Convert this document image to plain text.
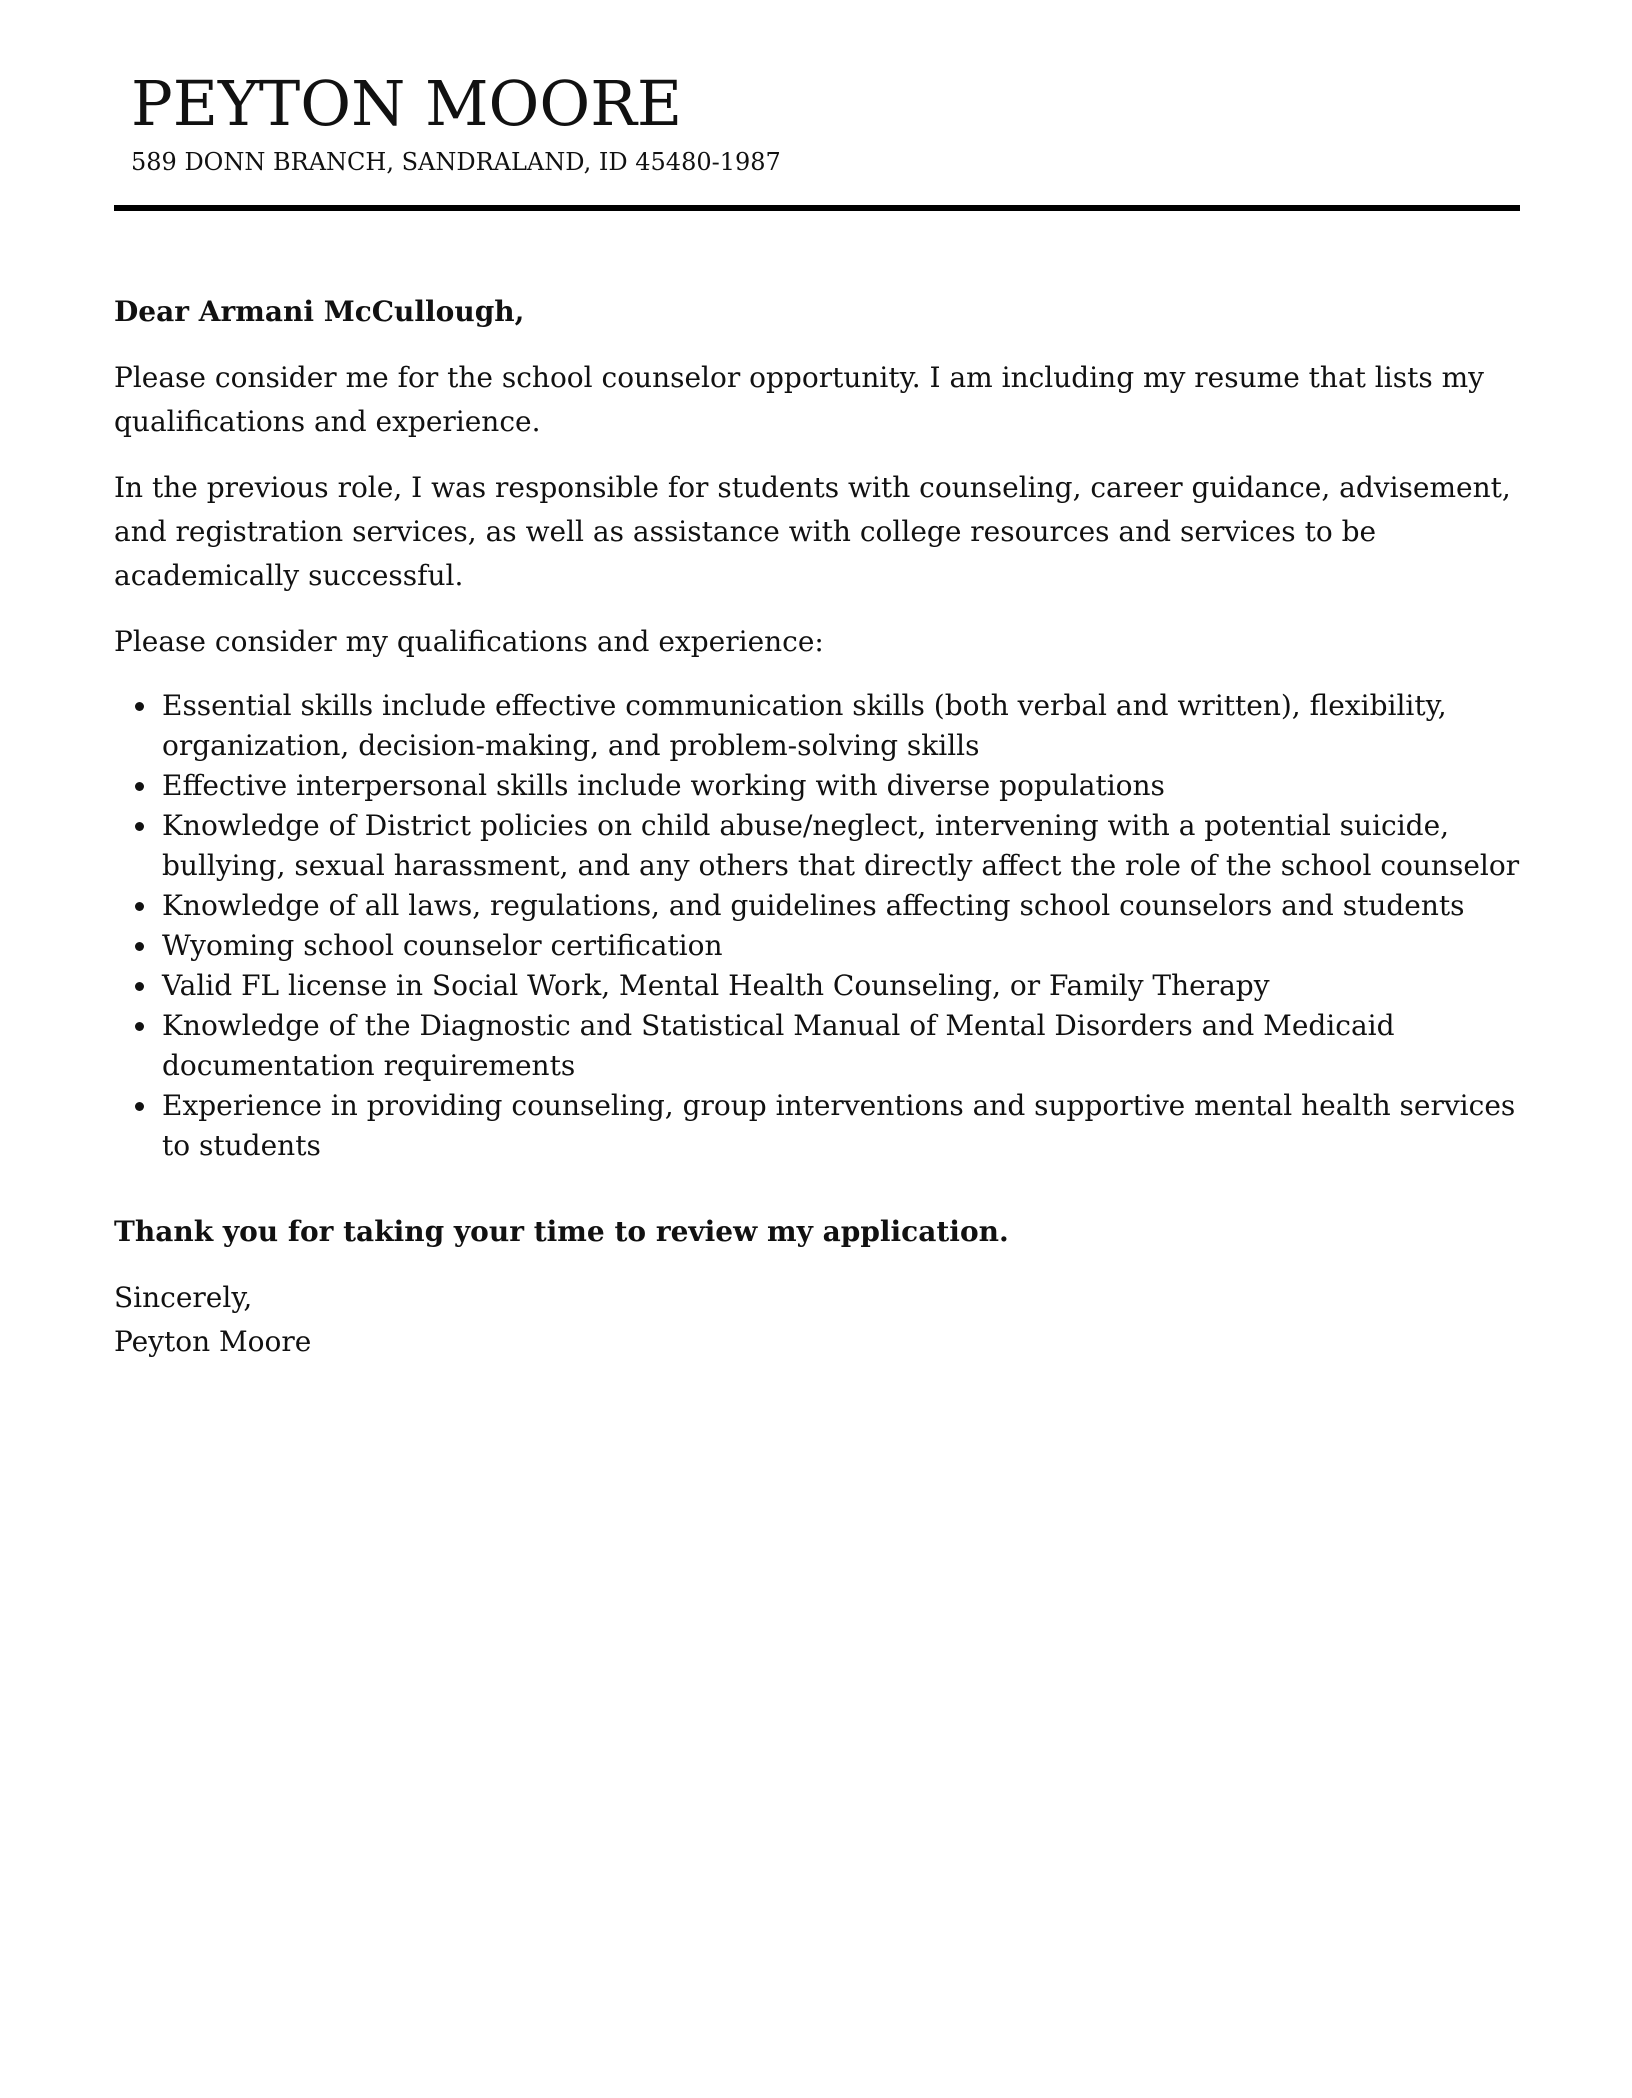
PEYTON MOORE
589 DONN BRANCH, SANDRALAND, ID 45480-1987

Dear Armani McCullough,

Please consider me for the school counselor opportunity. I am including my resume that lists my qualifications and experience.

In the previous role, I was responsible for students with counseling, career guidance, advisement, and registration services, as well as assistance with college resources and services to be academically successful.

Please consider my qualifications and experience:

Essential skills include effective communication skills (both verbal and written), flexibility, organization, decision-making, and problem-solving skills
Effective interpersonal skills include working with diverse populations
Knowledge of District policies on child abuse/neglect, intervening with a potential suicide, bullying, sexual harassment, and any others that directly affect the role of the school counselor
Knowledge of all laws, regulations, and guidelines affecting school counselors and students
Wyoming school counselor certification
Valid FL license in Social Work, Mental Health Counseling, or Family Therapy
Knowledge of the Diagnostic and Statistical Manual of Mental Disorders and Medicaid documentation requirements
Experience in providing counseling, group interventions and supportive mental health services to students

Thank you for taking your time to review my application.

Sincerely,

Peyton Moore
